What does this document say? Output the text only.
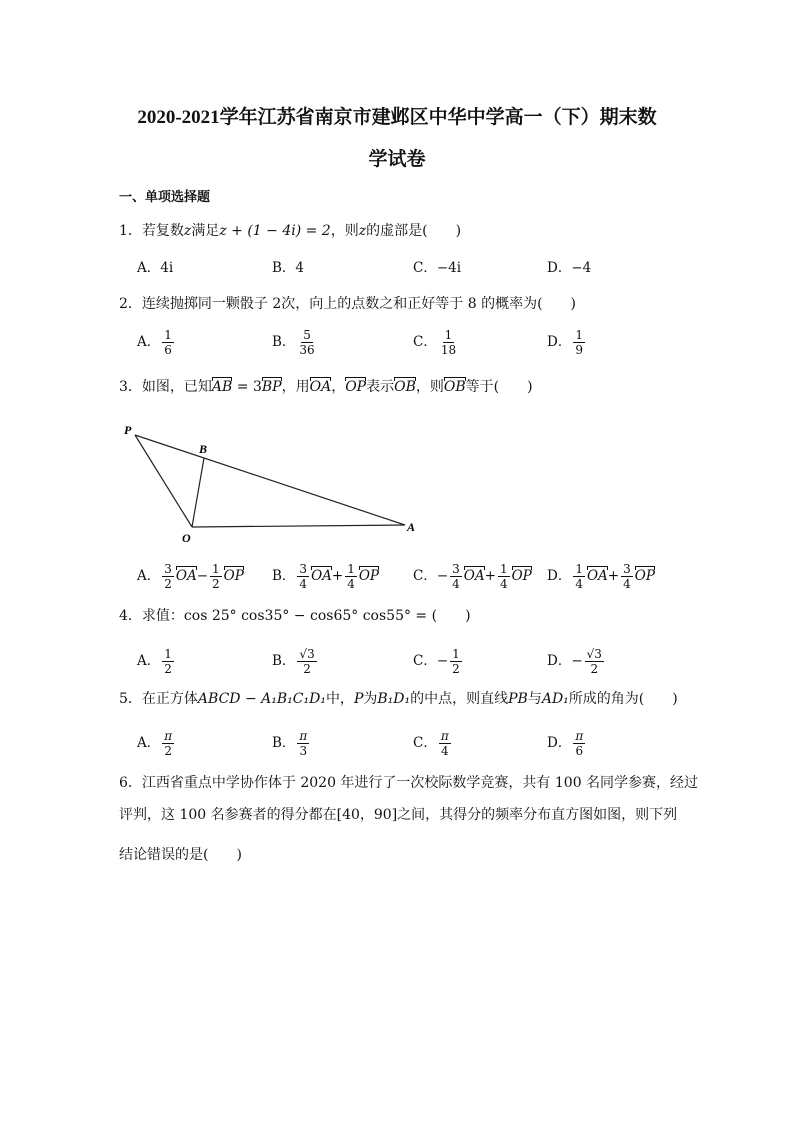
2020-2021学年江苏省南京市建邺区中华中学高一（下）期末数
学试卷
一、单项选择题
1．若复数z满足z + (1 − 4i) = 2，则z的虚部是(　　)
A．4i	B．4	C．−4i	D．−4
2．连续抛掷同一颗骰子 2次，向上的点数之和正好等于 8 的概率为(　　)
A． $\frac{1}{6}$	B． $\frac{5}{36}$	C． $\frac{1}{18}$	D． $\frac{1}{9}$
3．如图，已知AB = 3BP，用OA，OP表示OB，则OB等于(　　)
P
B
O
A
A． $\frac{3}{2} OA- \frac{1}{2}$ OP B． $\frac{3}{4} OA+ \frac{1}{4}$ OP	C．− $\frac{3}{4} OA+ \frac{1}{4}$ OP D． $\frac{1}{4} OA+ \frac{3}{4}$ OP
4．求值：cos 25° cos35° − cos65° cos55° = (　　)
A． $\frac{1}{2}$	B． $\frac{√3}{2}$	C．− $\frac{1}{2}$	D．− $\frac{√3}{2}$
5．在正方体ABCD − A₁B₁C₁D₁中，P为B₁D₁的中点，则直线PB与AD₁所成的角为(　　)
A． $\frac{\pi}{2}$	B． $\frac{\pi}{3}$	C． $\frac{\pi}{4}$	D． $\frac{\pi}{6}$
6．江西省重点中学协作体于 2020 年进行了一次校际数学竞赛，共有 100 名同学参赛，经过
评判，这 100 名参赛者的得分都在[40，90]之间，其得分的频率分布直方图如图，则下列
结论错误的是(　　)
